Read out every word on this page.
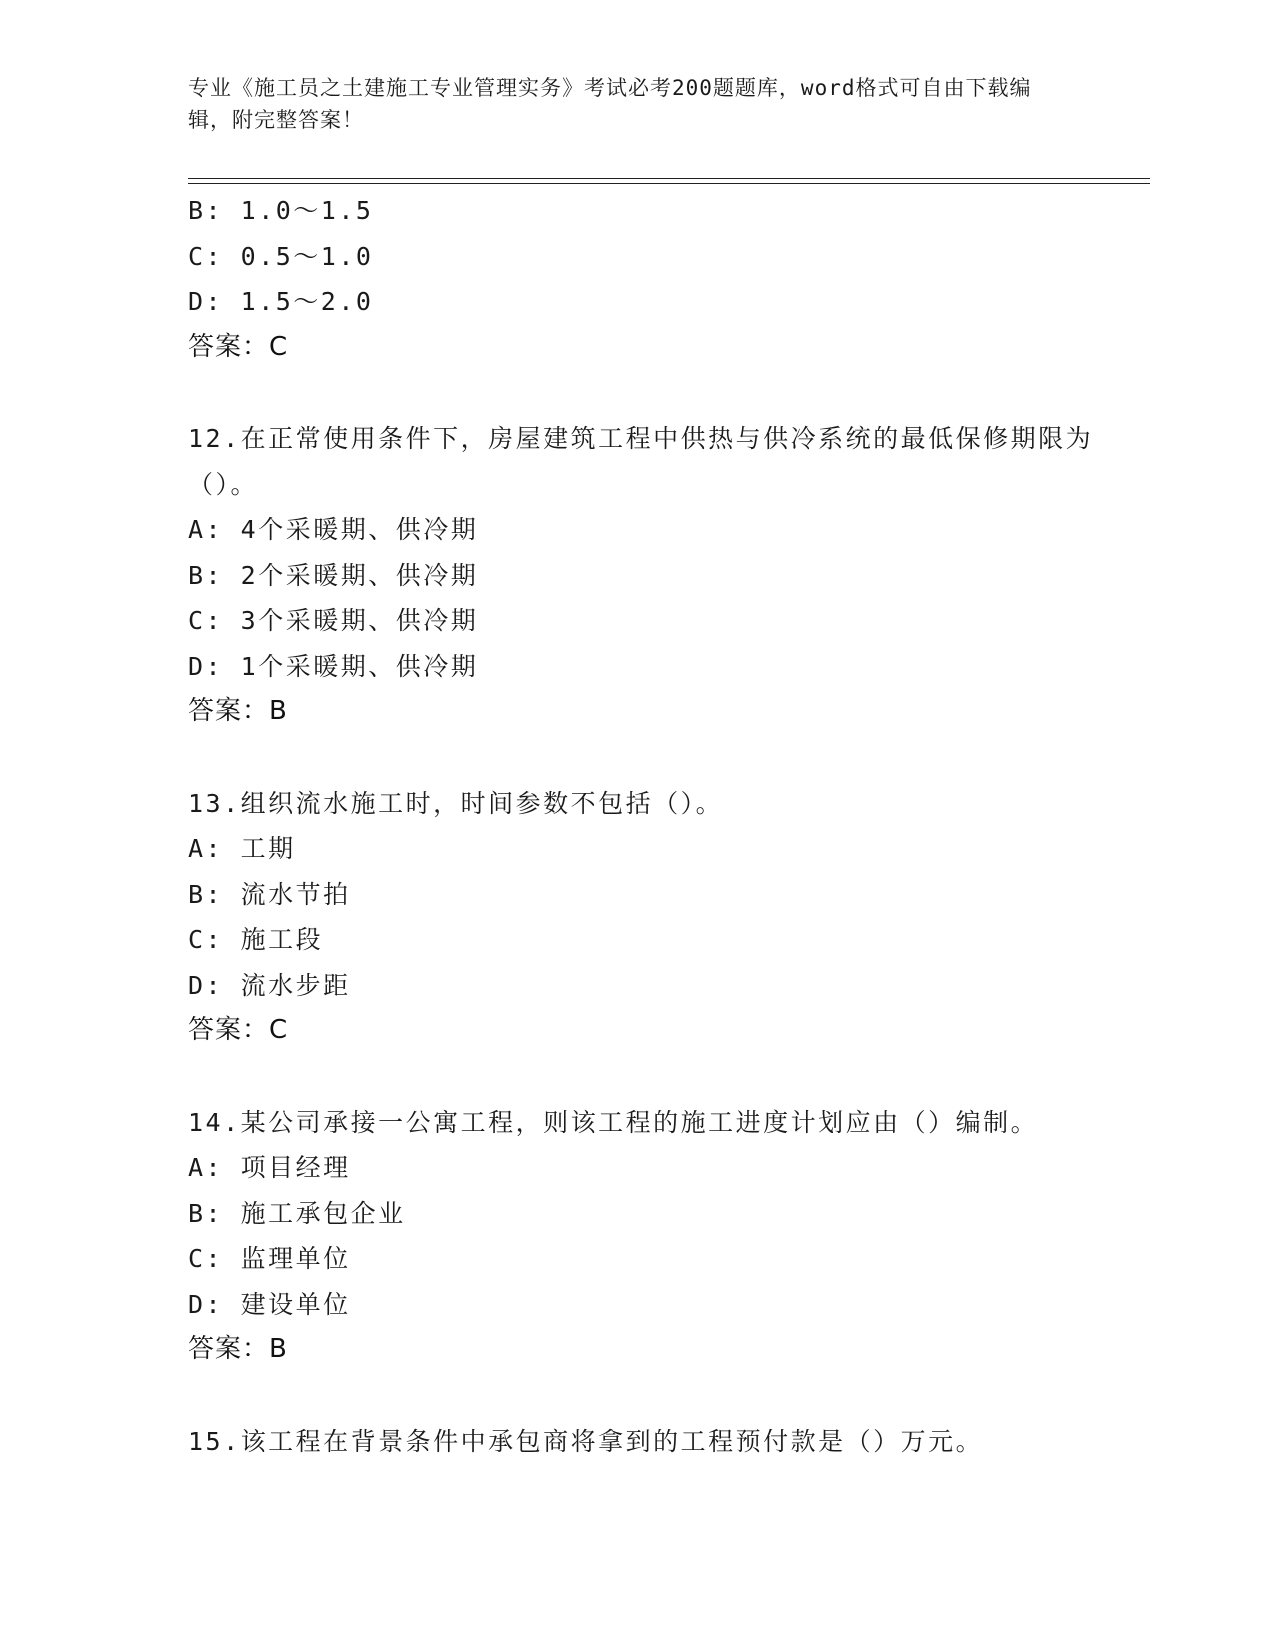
专业《施工员之土建施工专业管理实务》考试必考200题题库，word格式可自由下载编辑，附完整答案！
B: 1.0～1.5
C: 0.5～1.0
D: 1.5～2.0
答案：C
12.在正常使用条件下，房屋建筑工程中供热与供冷系统的最低保修期限为（）。
A: 4个采暖期、供冷期
B: 2个采暖期、供冷期
C: 3个采暖期、供冷期
D: 1个采暖期、供冷期
答案：B
13.组织流水施工时，时间参数不包括（）。
A: 工期
B: 流水节拍
C: 施工段
D: 流水步距
答案：C
14.某公司承接一公寓工程，则该工程的施工进度计划应由（）编制。
A: 项目经理
B: 施工承包企业
C: 监理单位
D: 建设单位
答案：B
15.该工程在背景条件中承包商将拿到的工程预付款是（）万元。
